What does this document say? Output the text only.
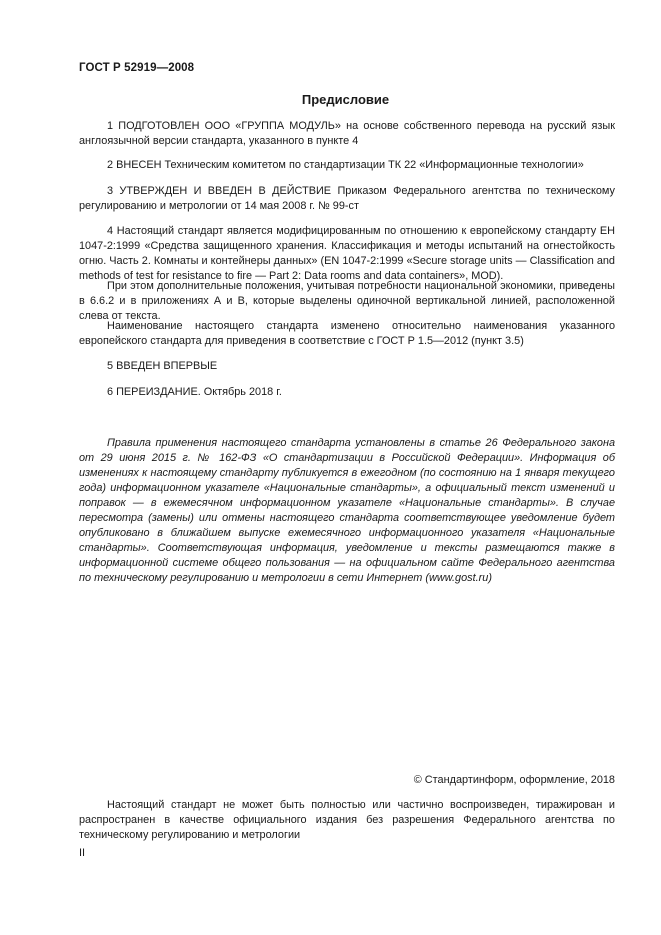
ГОСТ Р 52919—2008
Предисловие
1 ПОДГОТОВЛЕН ООО «ГРУППА МОДУЛЬ» на основе собственного перевода на русский язык англоязычной версии стандарта, указанного в пункте 4
2 ВНЕСЕН Техническим комитетом по стандартизации ТК 22 «Информационные технологии»
3 УТВЕРЖДЕН И ВВЕДЕН В ДЕЙСТВИЕ Приказом Федерального агентства по техническому регулированию и метрологии от 14 мая 2008 г. № 99-ст
4 Настоящий стандарт является модифицированным по отношению к европейскому стандарту ЕН 1047-2:1999 «Средства защищенного хранения. Классификация и методы испытаний на огнестойкость огню. Часть 2. Комнаты и контейнеры данных» (EN 1047-2:1999 «Secure storage units — Classification and methods of test for resistance to fire — Part 2: Data rooms and data containers», MOD).
При этом дополнительные положения, учитывая потребности национальной экономики, приведены в 6.6.2 и в приложениях А и В, которые выделены одиночной вертикальной линией, расположенной слева от текста.
Наименование настоящего стандарта изменено относительно наименования указанного европейского стандарта для приведения в соответствие с ГОСТ Р 1.5—2012 (пункт 3.5)
5 ВВЕДЕН ВПЕРВЫЕ
6 ПЕРЕИЗДАНИЕ. Октябрь 2018 г.
Правила применения настоящего стандарта установлены в статье 26 Федерального закона от 29 июня 2015 г. № 162-ФЗ «О стандартизации в Российской Федерации». Информация об изменениях к настоящему стандарту публикуется в ежегодном (по состоянию на 1 января текущего года) информационном указателе «Национальные стандарты», а официальный текст изменений и поправок — в ежемесячном информационном указателе «Национальные стандарты». В случае пересмотра (замены) или отмены настоящего стандарта соответствующее уведомление будет опубликовано в ближайшем выпуске ежемесячного информационного указателя «Национальные стандарты». Соответствующая информация, уведомление и тексты размещаются также в информационной системе общего пользования — на официальном сайте Федерального агентства по техническому регулированию и метрологии в сети Интернет (www.gost.ru)
© Стандартинформ, оформление, 2018
Настоящий стандарт не может быть полностью или частично воспроизведен, тиражирован и распространен в качестве официального издания без разрешения Федерального агентства по техническому регулированию и метрологии
II
